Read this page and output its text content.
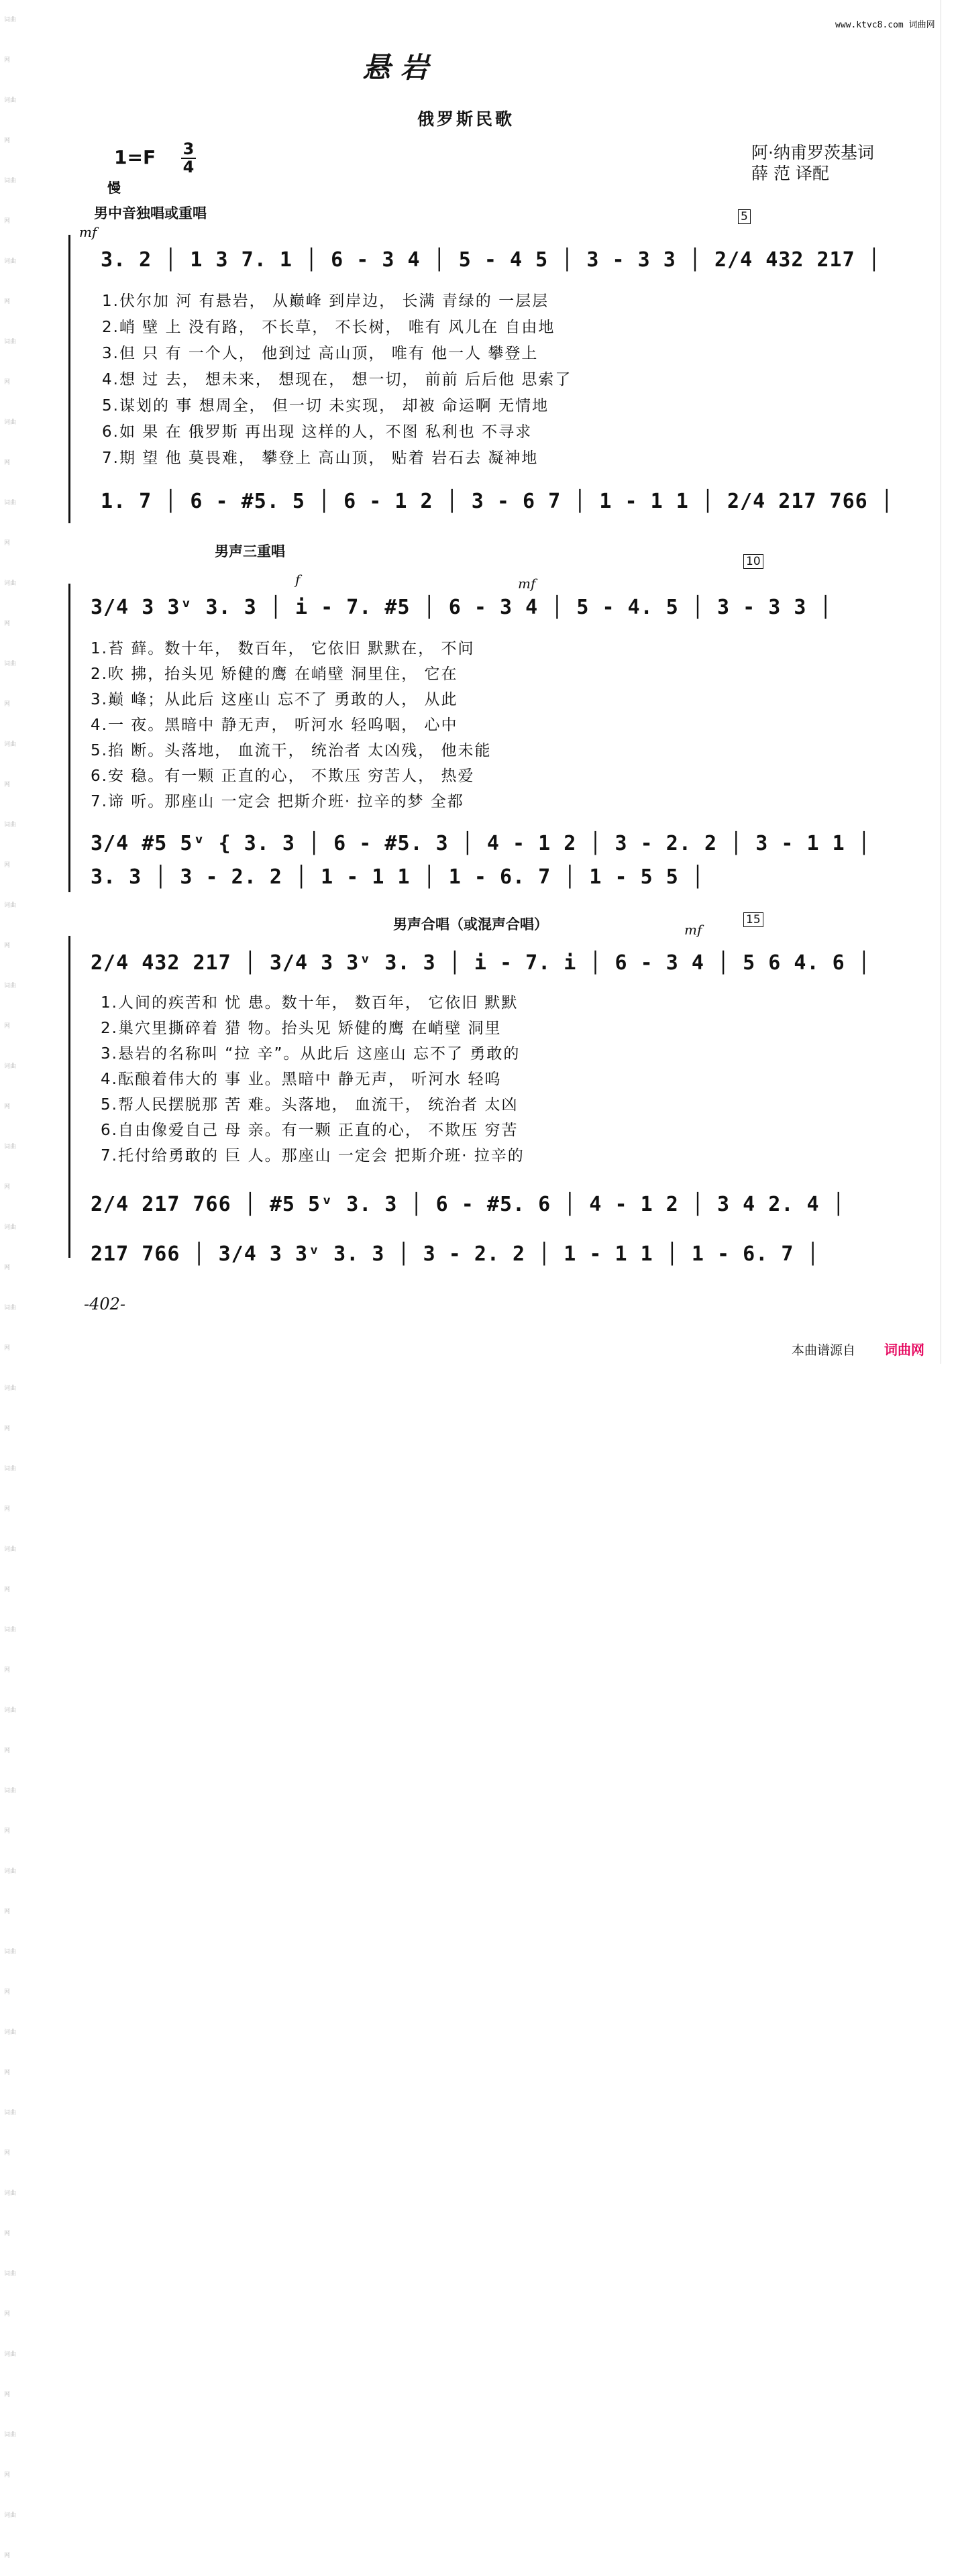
词曲网
词曲网
词曲网
词曲网
词曲网
词曲网
词曲网
词曲网
词曲网
词曲网
词曲网
词曲网
词曲网
词曲网
词曲网
词曲网
词曲网
词曲网
词曲网
词曲网
词曲网
词曲网
词曲网
词曲网
词曲网
词曲网
词曲网
词曲网
词曲网
词曲网
词曲网
词曲网
www.ktvc8.com 词曲网
悬 岩
俄罗斯民歌
1=F 3
4
慢
阿·纳甫罗茨基词
薛 范 译配
男中音独唱或重唱
mf
5
3. 2 │ 1 3 7. 1 │ 6 - 3 4 │ 5 - 4 5 │ 3 - 3 3 │ 2/4 432 217 │
1.伏尔加 河 有悬岩， 从巅峰 到岸边， 长满 青绿的 一层层
2.峭 壁 上 没有路， 不长草， 不长树， 唯有 风儿在 自由地
3.但 只 有 一个人， 他到过 高山顶， 唯有 他一人 攀登上
4.想 过 去， 想未来， 想现在， 想一切， 前前 后后他 思索了
5.谋划的 事 想周全， 但一切 未实现， 却被 命运啊 无情地
6.如 果 在 俄罗斯 再出现 这样的人，不图 私利也 不寻求
7.期 望 他 莫畏难， 攀登上 高山顶， 贴着 岩石去 凝神地
1. 7 │ 6 - #5. 5 │ 6 - 1 2 │ 3 - 6 7 │ 1 - 1 1 │ 2/4 217 766 │
男声三重唱
f	mf
10
3/4 3 3ᵛ 3. 3 │ i - 7. #5 │ 6 - 3 4 │ 5 - 4. 5 │ 3 - 3 3 │
1.苔 藓。数十年， 数百年， 它依旧 默默在， 不问
2.吹 拂，抬头见 矫健的鹰 在峭壁 洞里住， 它在
3.巅 峰；从此后 这座山 忘不了 勇敢的人， 从此
4.一 夜。黑暗中 静无声， 听河水 轻呜咽， 心中
5.掐 断。头落地， 血流干， 统治者 太凶残， 他未能
6.安 稳。有一颗 正直的心， 不欺压 穷苦人， 热爱
7.谛 听。那座山 一定会 把斯介班· 拉辛的梦 全都
3/4 #5 5ᵛ { 3. 3 │ 6 - #5. 3 │ 4 - 1 2 │ 3 - 2. 2 │ 3 - 1 1 │
3. 3 │ 3 - 2. 2 │ 1 - 1 1 │ 1 - 6. 7 │ 1 - 5 5 │
男声合唱（或混声合唱）	mf
15
2/4 432 217 │ 3/4 3 3ᵛ 3. 3 │ i - 7. i │ 6 - 3 4 │ 5 6 4. 6 │
1.人间的疾苦和 忧 患。数十年， 数百年， 它依旧 默默
2.巢穴里撕碎着 猎 物。抬头见 矫健的鹰 在峭壁 洞里
3.悬岩的名称叫 “拉 辛”。从此后 这座山 忘不了 勇敢的
4.酝酿着伟大的 事 业。黑暗中 静无声， 听河水 轻呜
5.帮人民摆脱那 苦 难。头落地， 血流干， 统治者 太凶
6.自由像爱自己 母 亲。有一颗 正直的心， 不欺压 穷苦
7.托付给勇敢的 巨 人。那座山 一定会 把斯介班· 拉辛的
2/4 217 766 │ #5 5ᵛ 3. 3 │ 6 - #5. 6 │ 4 - 1 2 │ 3 4 2. 4 │
217 766 │ 3/4 3 3ᵛ 3. 3 │ 3 - 2. 2 │ 1 - 1 1 │ 1 - 6. 7 │
-402-
本曲谱源自 词曲网
